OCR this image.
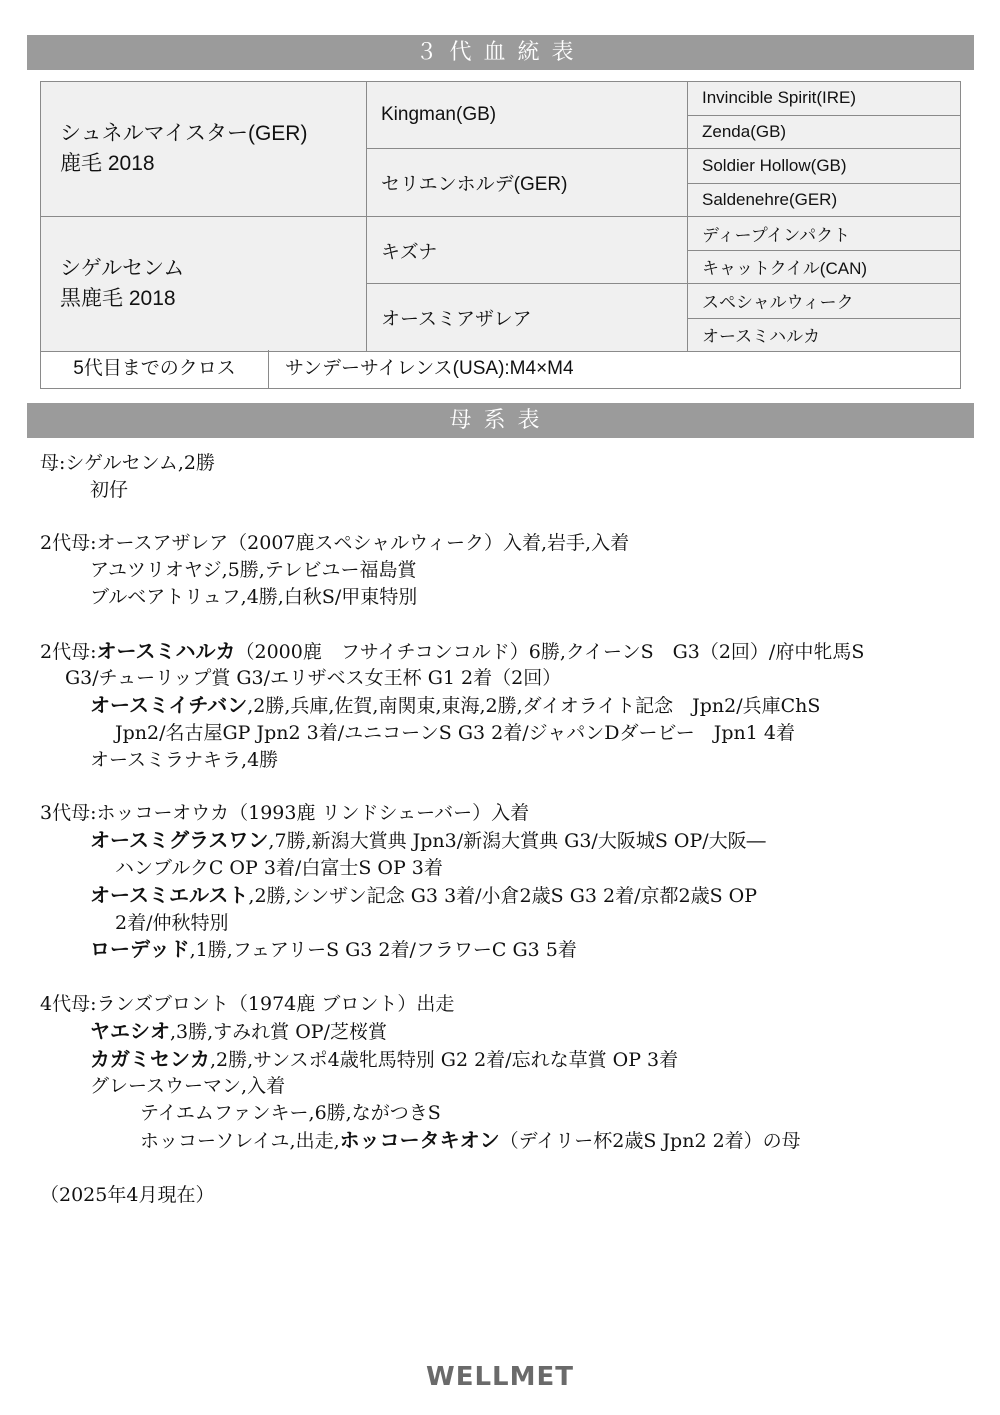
３代血統表
シュネルマイスター(GER)
鹿毛 2018	Kingman(GB)	Invincible Spirit(IRE)
		Zenda(GB)
	セリエンホルデ(GER)	Soldier Hollow(GB)
		Saldenehre(GER)

シゲルセンム
黒鹿毛 2018	キズナ	ディープインパクト
		キャットクイル(CAN)
	オースミアザレア	スペシャルウィーク
		オースミハルカ
5代目までのクロス	サンデーサイレンス(USA):M4×M4
母系表
母:シゲルセンム,2勝
初仔
2代母:オースアザレア（2007鹿スペシャルウィーク）入着,岩手,入着
アユツリオヤジ,5勝,テレビユー福島賞
ブルベアトリュフ,4勝,白秋S/甲東特別
2代母:オースミハルカ（2000鹿　フサイチコンコルド）6勝,クイーンS　G3（2回）/府中牝馬S
G3/チューリップ賞 G3/エリザベス女王杯 G1 2着（2回）
オースミイチバン,2勝,兵庫,佐賀,南関東,東海,2勝,ダイオライト記念　Jpn2/兵庫ChS
Jpn2/名古屋GP Jpn2 3着/ユニコーンS G3 2着/ジャパンDダービー　Jpn1 4着
オースミラナキラ,4勝
3代母:ホッコーオウカ（1993鹿 リンドシェーバー）入着
オースミグラスワン,7勝,新潟大賞典 Jpn3/新潟大賞典 G3/大阪城S OP/大阪―
ハンブルクC OP 3着/白富士S OP 3着
オースミエルスト,2勝,シンザン記念 G3 3着/小倉2歳S G3 2着/京都2歳S OP
2着/仲秋特別
ローデッド,1勝,フェアリーS G3 2着/フラワーC G3 5着
4代母:ランズブロント（1974鹿 ブロント）出走
ヤエシオ,3勝,すみれ賞 OP/芝桜賞
カガミセンカ,2勝,サンスポ4歳牝馬特別 G2 2着/忘れな草賞 OP 3着
グレースウーマン,入着
テイエムファンキー,6勝,ながつきS
ホッコーソレイユ,出走,ホッコータキオン（デイリー杯2歳S Jpn2 2着）の母
（2025年4月現在）
WELLMET
